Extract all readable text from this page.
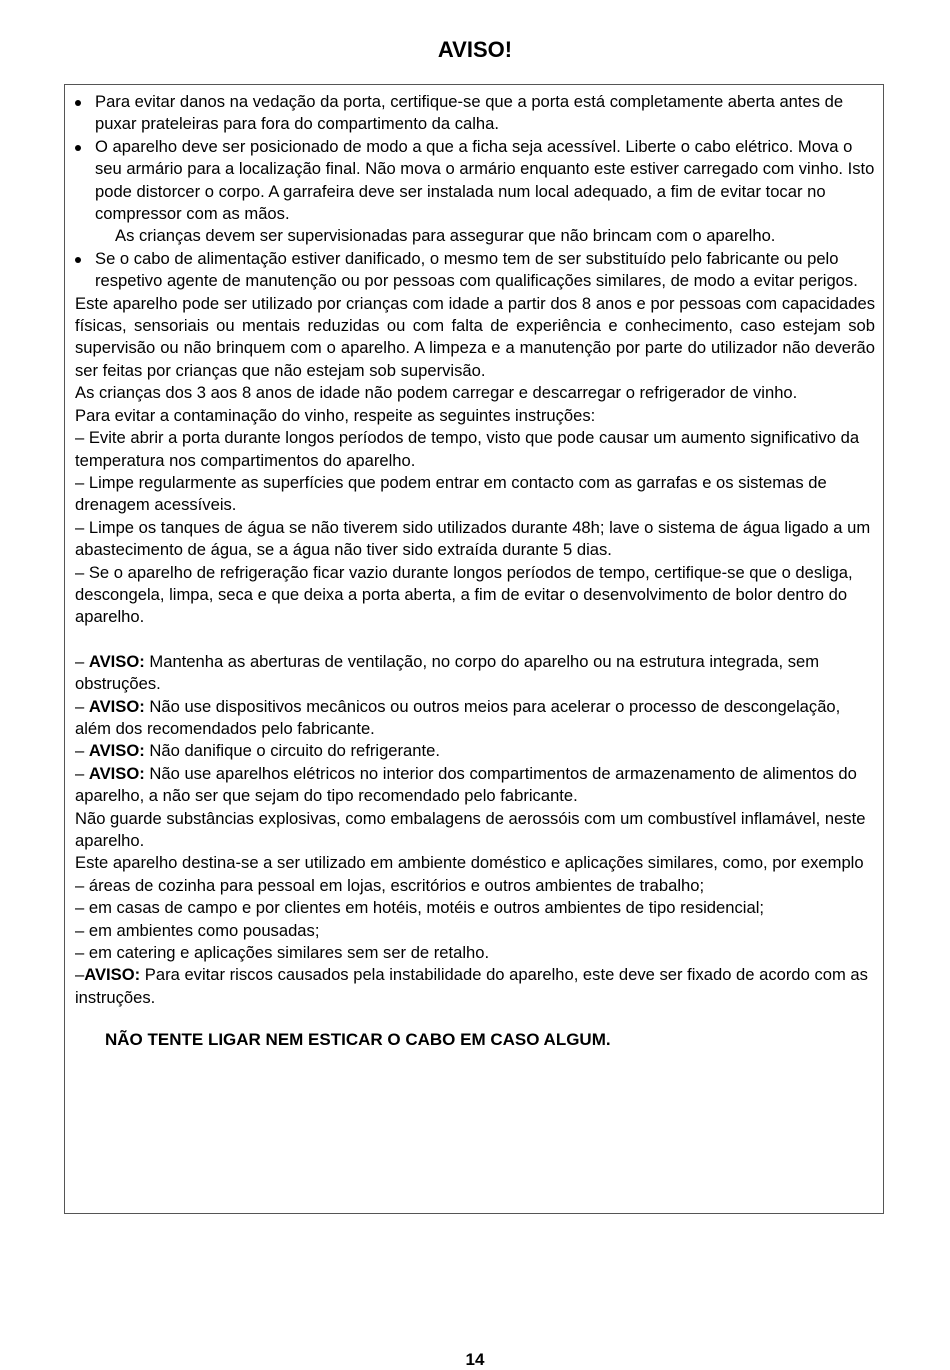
AVISO!

Para evitar danos na vedação da porta, certifique-se que a porta está completamente aberta antes de puxar prateleiras para fora do compartimento da calha.

O aparelho deve ser posicionado de modo a que a ficha seja acessível. Liberte o cabo elétrico. Mova o seu armário para a localização final. Não mova o armário enquanto este estiver carregado com vinho. Isto pode distorcer o corpo. A garrafeira deve ser instalada num local adequado, a fim de evitar tocar no compressor com as mãos.

As crianças devem ser supervisionadas para assegurar que não brincam com o aparelho.

Se o cabo de alimentação estiver danificado, o mesmo tem de ser substituído pelo fabricante ou pelo respetivo agente de manutenção ou por pessoas com qualificações similares, de modo a evitar perigos.

Este aparelho pode ser utilizado por crianças com idade a partir dos 8 anos e por pessoas com capacidades físicas, sensoriais ou mentais reduzidas ou com falta de experiência e conhecimento, caso estejam sob supervisão ou não brinquem com o aparelho. A limpeza e a manutenção por parte do utilizador não deverão ser feitas por crianças que não estejam sob supervisão.

As crianças dos 3 aos 8 anos de idade não podem carregar e descarregar o refrigerador de vinho.

Para evitar a contaminação do vinho, respeite as seguintes instruções:

– Evite abrir a porta durante longos períodos de tempo, visto que pode causar um aumento significativo da temperatura nos compartimentos do aparelho.

– Limpe regularmente as superfícies que podem entrar em contacto com as garrafas e os sistemas de drenagem acessíveis.

– Limpe os tanques de água se não tiverem sido utilizados durante 48h; lave o sistema de água ligado a um abastecimento de água, se a água não tiver sido extraída durante 5 dias.

– Se o aparelho de refrigeração ficar vazio durante longos períodos de tempo, certifique-se que o desliga, descongela, limpa, seca e que deixa a porta aberta, a fim de evitar o desenvolvimento de bolor dentro do aparelho.

– AVISO: Mantenha as aberturas de ventilação, no corpo do aparelho ou na estrutura integrada, sem obstruções.

– AVISO: Não use dispositivos mecânicos ou outros meios para acelerar o processo de descongelação, além dos recomendados pelo fabricante.

– AVISO: Não danifique o circuito do refrigerante.

– AVISO: Não use aparelhos elétricos no interior dos compartimentos de armazenamento de alimentos do aparelho, a não ser que sejam do tipo recomendado pelo fabricante.

Não guarde substâncias explosivas, como embalagens de aerossóis com um combustível inflamável, neste aparelho.

Este aparelho destina-se a ser utilizado em ambiente doméstico e aplicações similares, como, por exemplo

– áreas de cozinha para pessoal em lojas, escritórios e outros ambientes de trabalho;

– em casas de campo e por clientes em hotéis, motéis e outros ambientes de tipo residencial;

– em ambientes como pousadas;

– em catering e aplicações similares sem ser de retalho.

–AVISO: Para evitar riscos causados pela instabilidade do aparelho, este deve ser fixado de acordo com as instruções.

NÃO TENTE LIGAR NEM ESTICAR O CABO EM CASO ALGUM.

14
